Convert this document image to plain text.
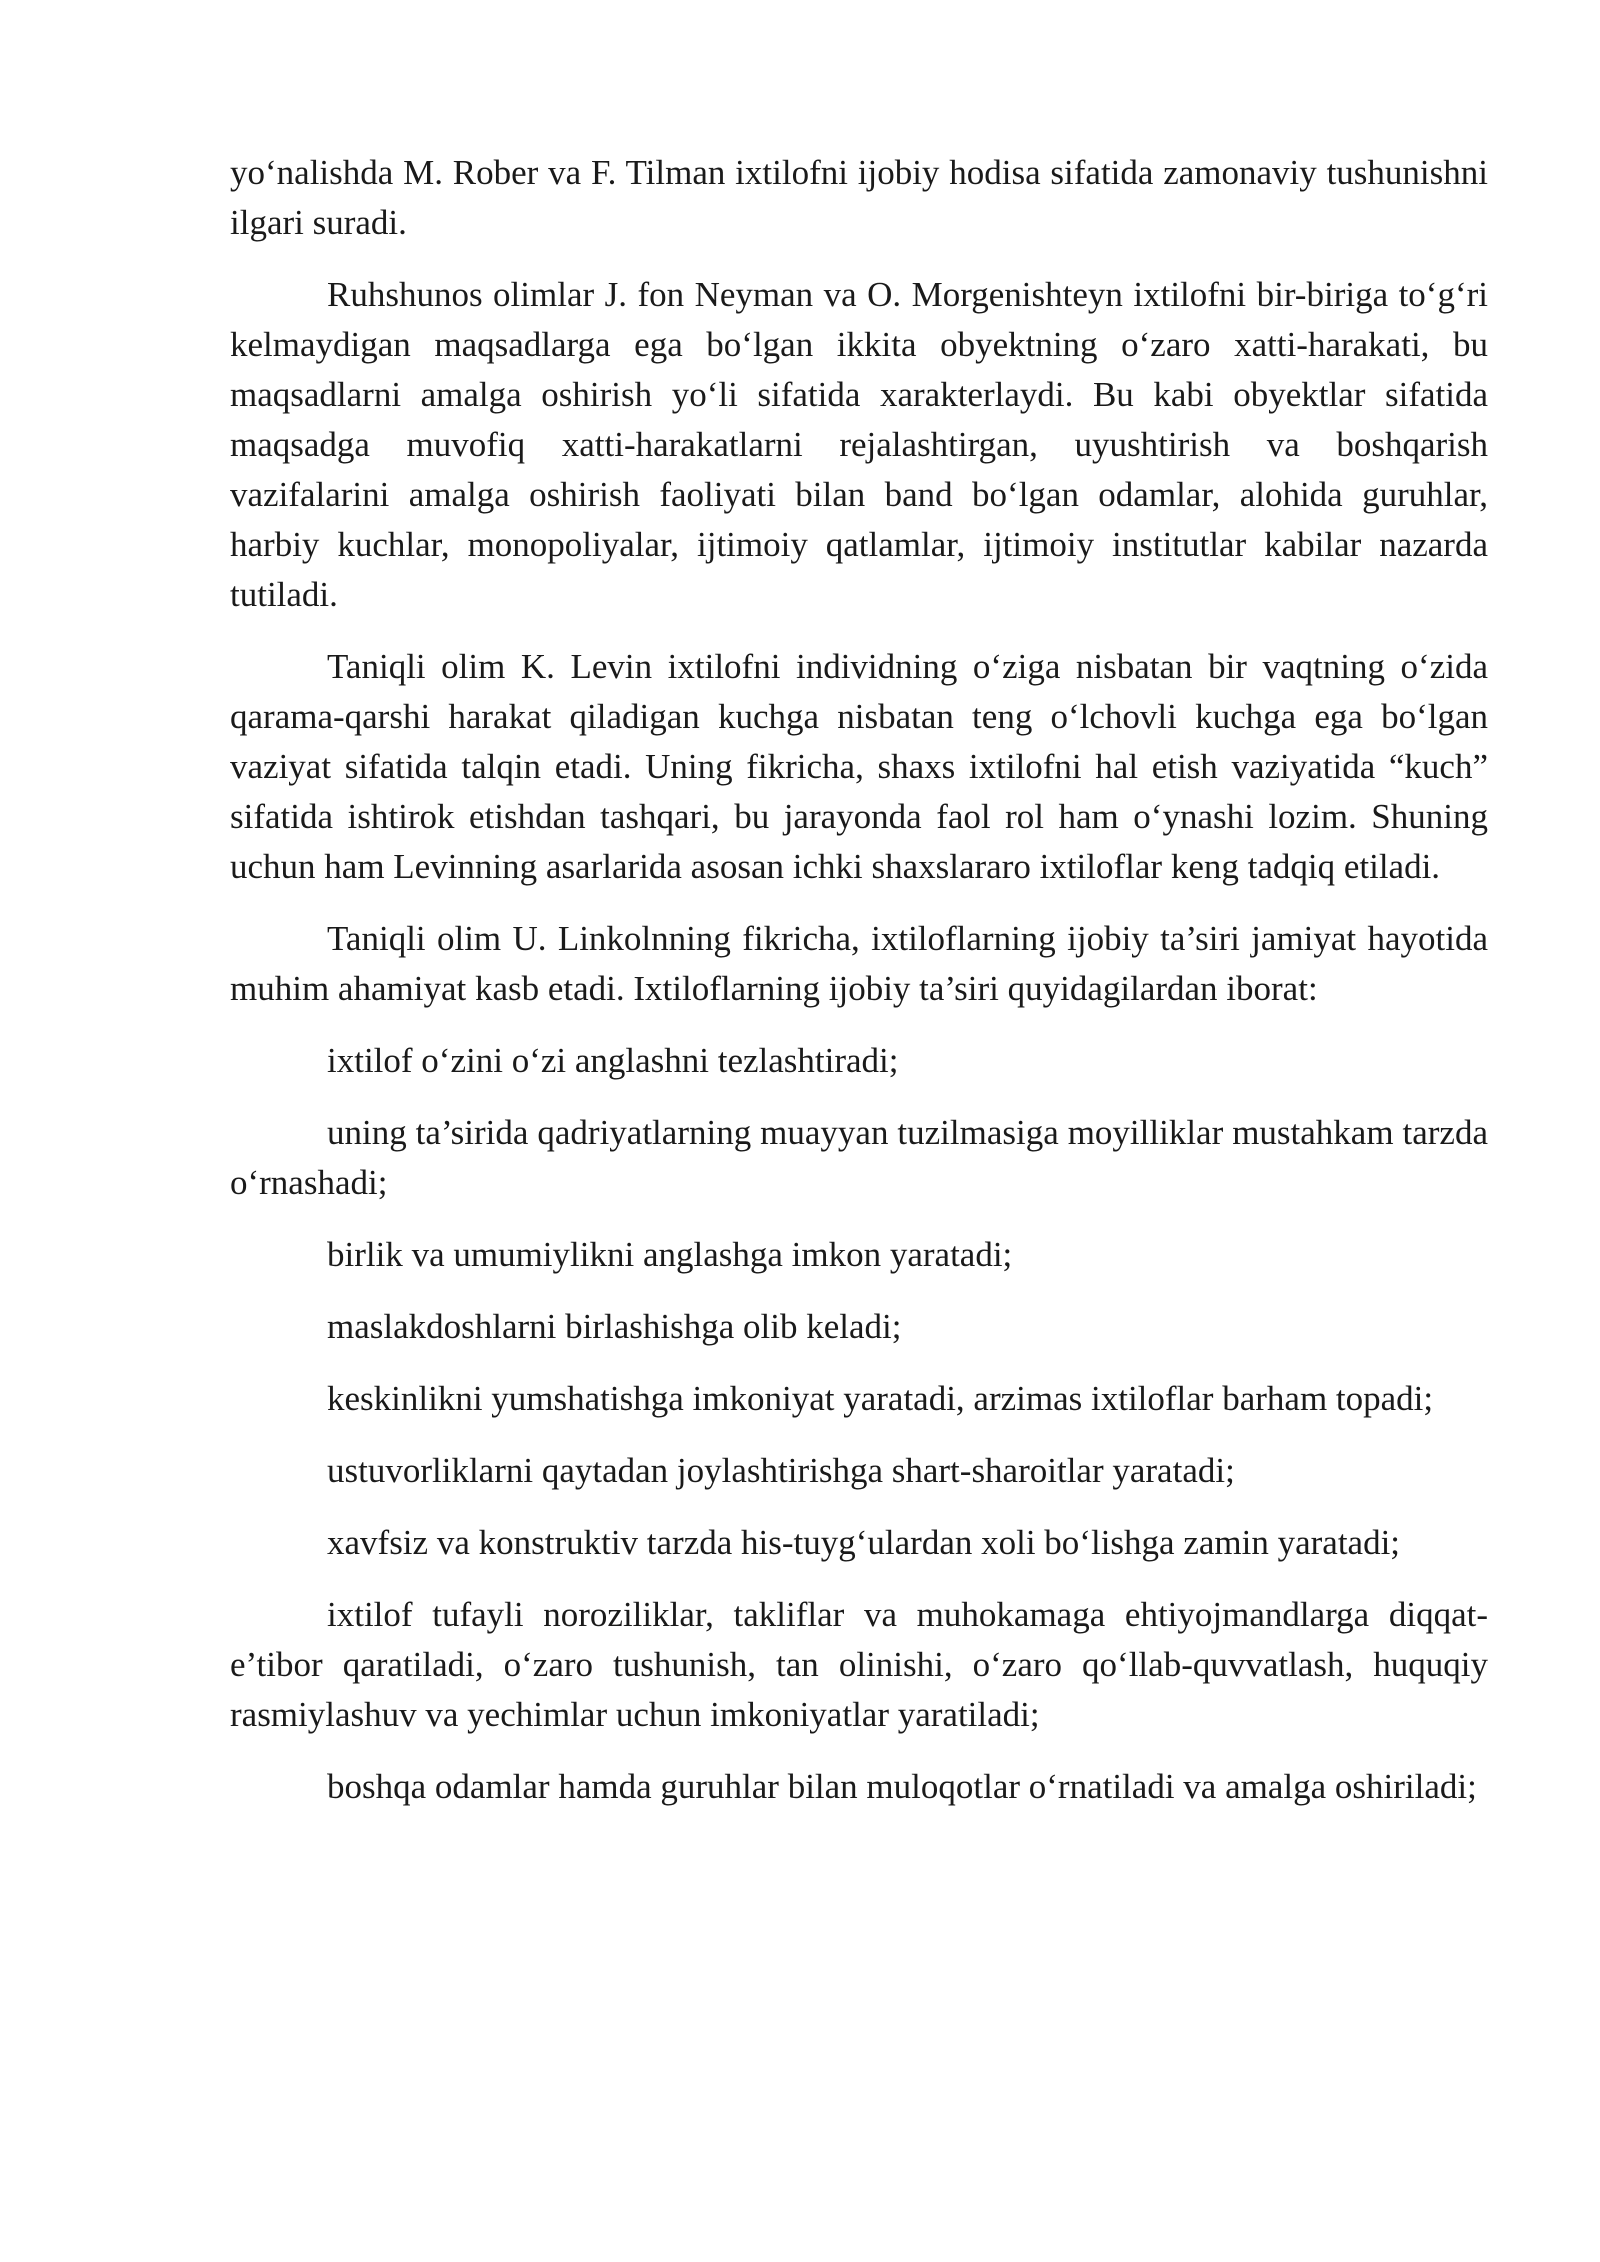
yo‘nalishda M. Rober va F. Tilman ixtilofni ijobiy hodisa sifatida zamonaviy tushunishni ilgari suradi.

Ruhshunos olimlar J. fon Neyman va O. Morgenishteyn ixtilofni bir-biriga to‘g‘ri kelmaydigan maqsadlarga ega bo‘lgan ikkita obyektning o‘zaro xatti-harakati, bu maqsadlarni amalga oshirish yo‘li sifatida xarakterlaydi. Bu kabi obyektlar sifatida maqsadga muvofiq xatti-harakatlarni rejalashtirgan, uyushtirish va boshqarish vazifalarini amalga oshirish faoliyati bilan band bo‘lgan odamlar, alohida guruhlar, harbiy kuchlar, monopoliyalar, ijtimoiy qatlamlar, ijtimoiy institutlar kabilar nazarda tutiladi.

Taniqli olim K. Levin ixtilofni individning o‘ziga nisbatan bir vaqtning o‘zida qarama-qarshi harakat qiladigan kuchga nisbatan teng o‘lchovli kuchga ega bo‘lgan vaziyat sifatida talqin etadi. Uning fikricha, shaxs ixtilofni hal etish vaziyatida “kuch” sifatida ishtirok etishdan tashqari, bu jarayonda faol rol ham o‘ynashi lozim. Shuning uchun ham Levinning asarlarida asosan ichki shaxslararo ixtiloflar keng tadqiq etiladi.

Taniqli olim U. Linkolnning fikricha, ixtiloflarning ijobiy ta’siri jamiyat hayotida muhim ahamiyat kasb etadi. Ixtiloflarning ijobiy ta’siri quyidagilardan iborat:

ixtilof o‘zini o‘zi anglashni tezlashtiradi;

uning ta’sirida qadriyatlarning muayyan tuzilmasiga moyilliklar mustahkam tarzda o‘rnashadi;

birlik va umumiylikni anglashga imkon yaratadi;

maslakdoshlarni birlashishga olib keladi;

keskinlikni yumshatishga imkoniyat yaratadi, arzimas ixtiloflar barham topadi;

ustuvorliklarni qaytadan joylashtirishga shart-sharoitlar yaratadi;

xavfsiz va konstruktiv tarzda his-tuyg‘ulardan xoli bo‘lishga zamin yaratadi;

ixtilof tufayli noroziliklar, takliflar va muhokamaga ehtiyojmandlarga diqqat-e’tibor qaratiladi, o‘zaro tushunish, tan olinishi, o‘zaro qo‘llab-quvvatlash, huquqiy rasmiylashuv va yechimlar uchun imkoniyatlar yaratiladi;

boshqa odamlar hamda guruhlar bilan muloqotlar o‘rnatiladi va amalga oshiriladi;
